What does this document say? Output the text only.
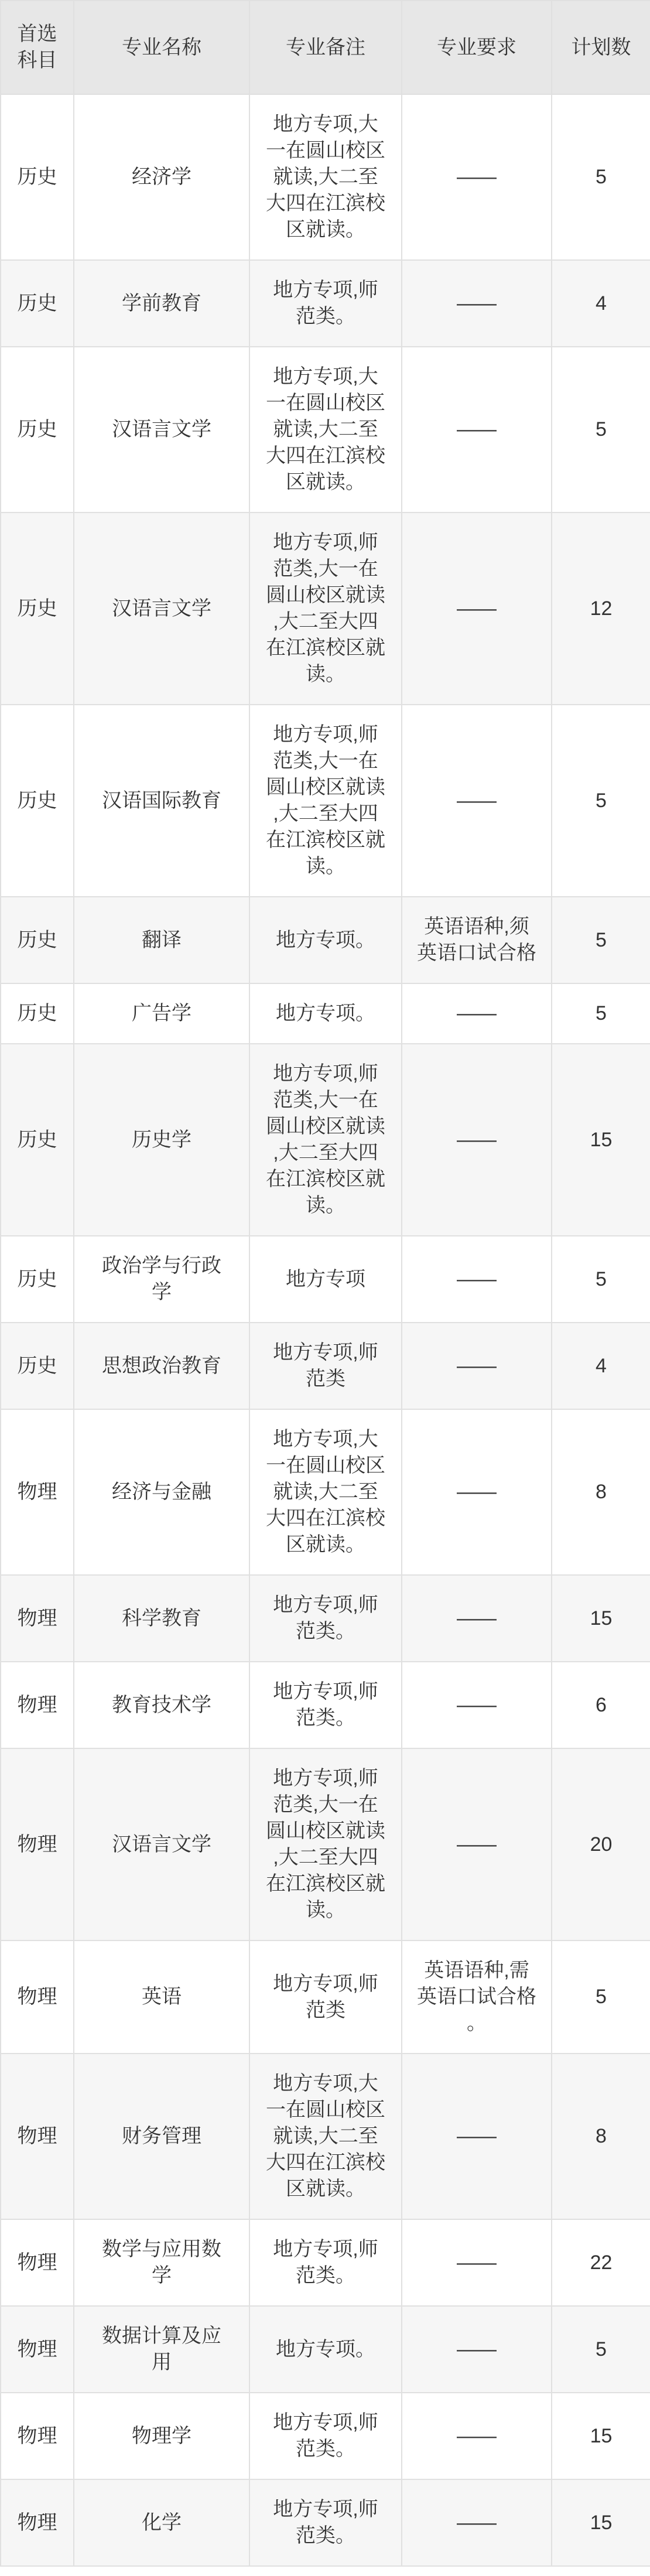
首选科目	专业名称	专业备注	专业要求	计划数
历史	经济学	地方专项,大一在圆山校区就读,大二至大四在江滨校区就读。	——	5
历史	学前教育	地方专项,师范类。	——	4
历史	汉语言文学	地方专项,大一在圆山校区就读,大二至大四在江滨校区就读。	——	5
历史	汉语言文学	地方专项,师范类,大一在圆山校区就读,大二至大四在江滨校区就读。	——	12
历史	汉语国际教育	地方专项,师范类,大一在圆山校区就读,大二至大四在江滨校区就读。	——	5
历史	翻译	地方专项。	英语语种,须英语口试合格	5
历史	广告学	地方专项。	——	5
历史	历史学	地方专项,师范类,大一在圆山校区就读,大二至大四在江滨校区就读。	——	15
历史	政治学与行政学	地方专项	——	5
历史	思想政治教育	地方专项,师范类	——	4
物理	经济与金融	地方专项,大一在圆山校区就读,大二至大四在江滨校区就读。	——	8
物理	科学教育	地方专项,师范类。	——	15
物理	教育技术学	地方专项,师范类。	——	6
物理	汉语言文学	地方专项,师范类,大一在圆山校区就读,大二至大四在江滨校区就读。	——	20
物理	英语	地方专项,师范类	英语语种,需英语口试合格。	5
物理	财务管理	地方专项,大一在圆山校区就读,大二至大四在江滨校区就读。	——	8
物理	数学与应用数学	地方专项,师范类。	——	22
物理	数据计算及应用	地方专项。	——	5
物理	物理学	地方专项,师范类。	——	15
物理	化学	地方专项,师范类。	——	15
